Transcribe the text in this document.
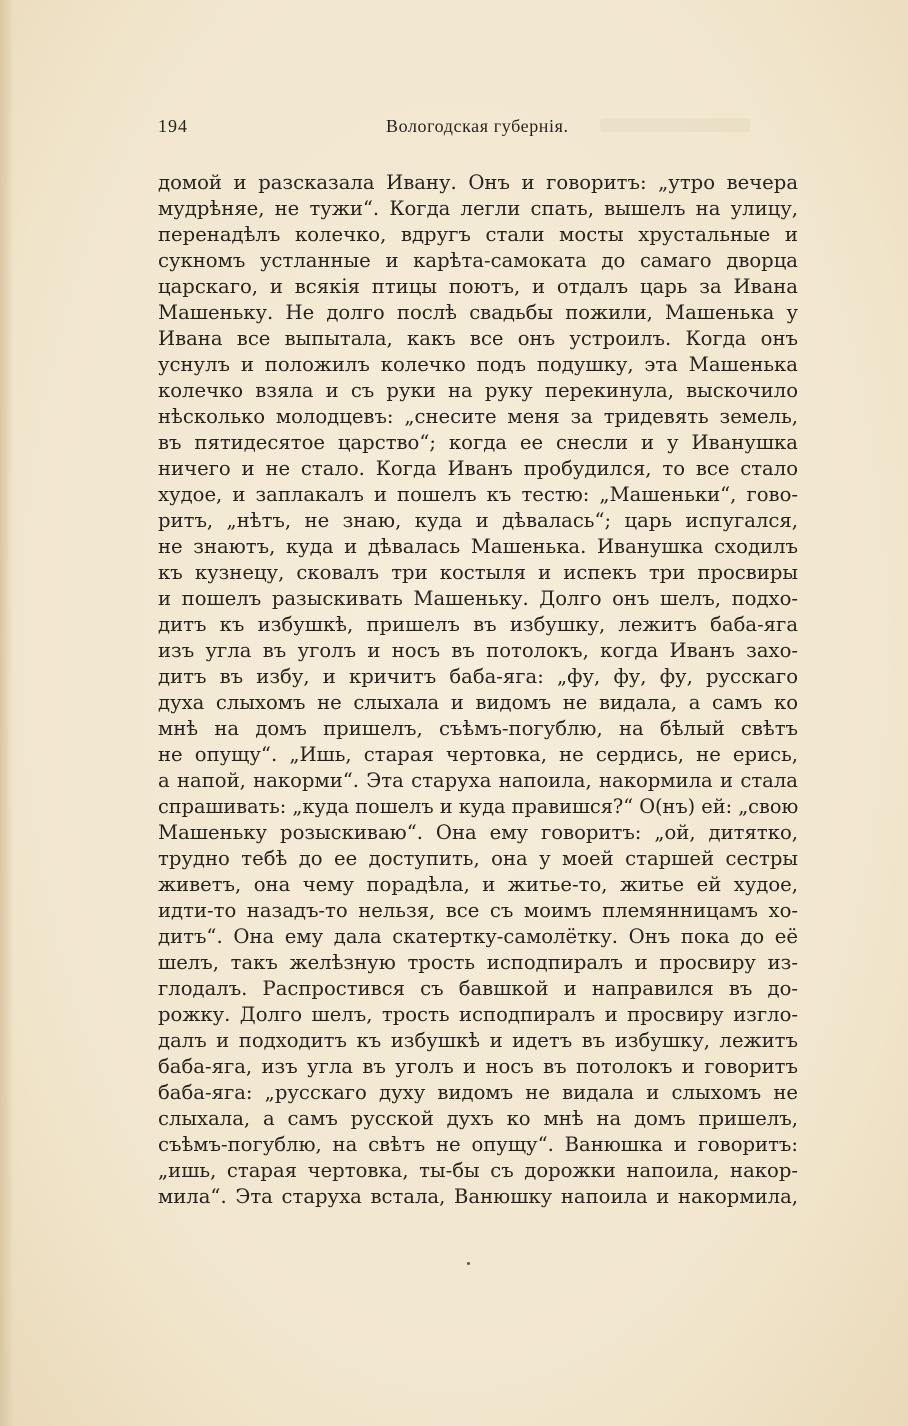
194	Вологодская губернія.
домой и разсказала Ивану. Онъ и говоритъ: „утро вечера
мудрѣняе, не тужи“. Когда легли спать, вышелъ на улицу,
перенадѣлъ колечко, вдругъ стали мосты хрустальные и
сукномъ устланные и карѣта-самоката до самаго дворца
царскаго, и всякія птицы поютъ, и отдалъ царь за Ивана
Машеньку. Не долго послѣ свадьбы пожили, Машенька у
Ивана все выпытала, какъ все онъ устроилъ. Когда онъ
уснулъ и положилъ колечко подъ подушку, эта Машенька
колечко взяла и съ руки на руку перекинула, выскочило
нѣсколько молодцевъ: „снесите меня за тридевять земель,
въ пятидесятое царство“; когда ее снесли и у Иванушка
ничего и не стало. Когда Иванъ пробудился, то все стало
худое, и заплакалъ и пошелъ къ тестю: „Машеньки“, гово-
ритъ, „нѣтъ, не знаю, куда и дѣвалась“; царь испугался,
не знаютъ, куда и дѣвалась Машенька. Иванушка сходилъ
къ кузнецу, сковалъ три костыля и испекъ три просвиры
и пошелъ разыскивать Машеньку. Долго онъ шелъ, подхо-
дитъ къ избушкѣ, пришелъ въ избушку, лежитъ баба-яга
изъ угла въ уголъ и носъ въ потолокъ, когда Иванъ захо-
дитъ въ избу, и кричитъ баба-яга: „фу, фу, фу, русскаго
духа слыхомъ не слыхала и видомъ не видала, а самъ ко
мнѣ на домъ пришелъ, съѣмъ-погублю, на бѣлый свѣтъ
не опущу“. „Ишь, старая чертовка, не сердись, не ерись,
а напой, накорми“. Эта старуха напоила, накормила и стала
спрашивать: „куда пошелъ и куда правишся?“ О(нъ) ей: „свою
Машеньку розыскиваю“. Она ему говоритъ: „ой, дитятко,
трудно тебѣ до ее доступить, она у моей старшей сестры
живетъ, она чему порадѣла, и житье-то, житье ей худое,
идти-то назадъ-то нельзя, все съ моимъ племянницамъ хо-
дитъ“. Она ему дала скатертку-самолётку. Онъ пока до её
шелъ, такъ желѣзную трость исподпиралъ и просвиру из-
глодалъ. Распростився съ бавшкой и направился въ до-
рожку. Долго шелъ, трость исподпиралъ и просвиру изгло-
далъ и подходитъ къ избушкѣ и идетъ въ избушку, лежитъ
баба-яга, изъ угла въ уголъ и носъ въ потолокъ и говоритъ
баба-яга: „русскаго духу видомъ не видала и слыхомъ не
слыхала, а самъ русской духъ ко мнѣ на домъ пришелъ,
съѣмъ-погублю, на свѣтъ не опущу“. Ванюшка и говоритъ:
„ишь, старая чертовка, ты-бы съ дорожки напоила, накор-
мила“. Эта старуха встала, Ванюшку напоила и накормила,
